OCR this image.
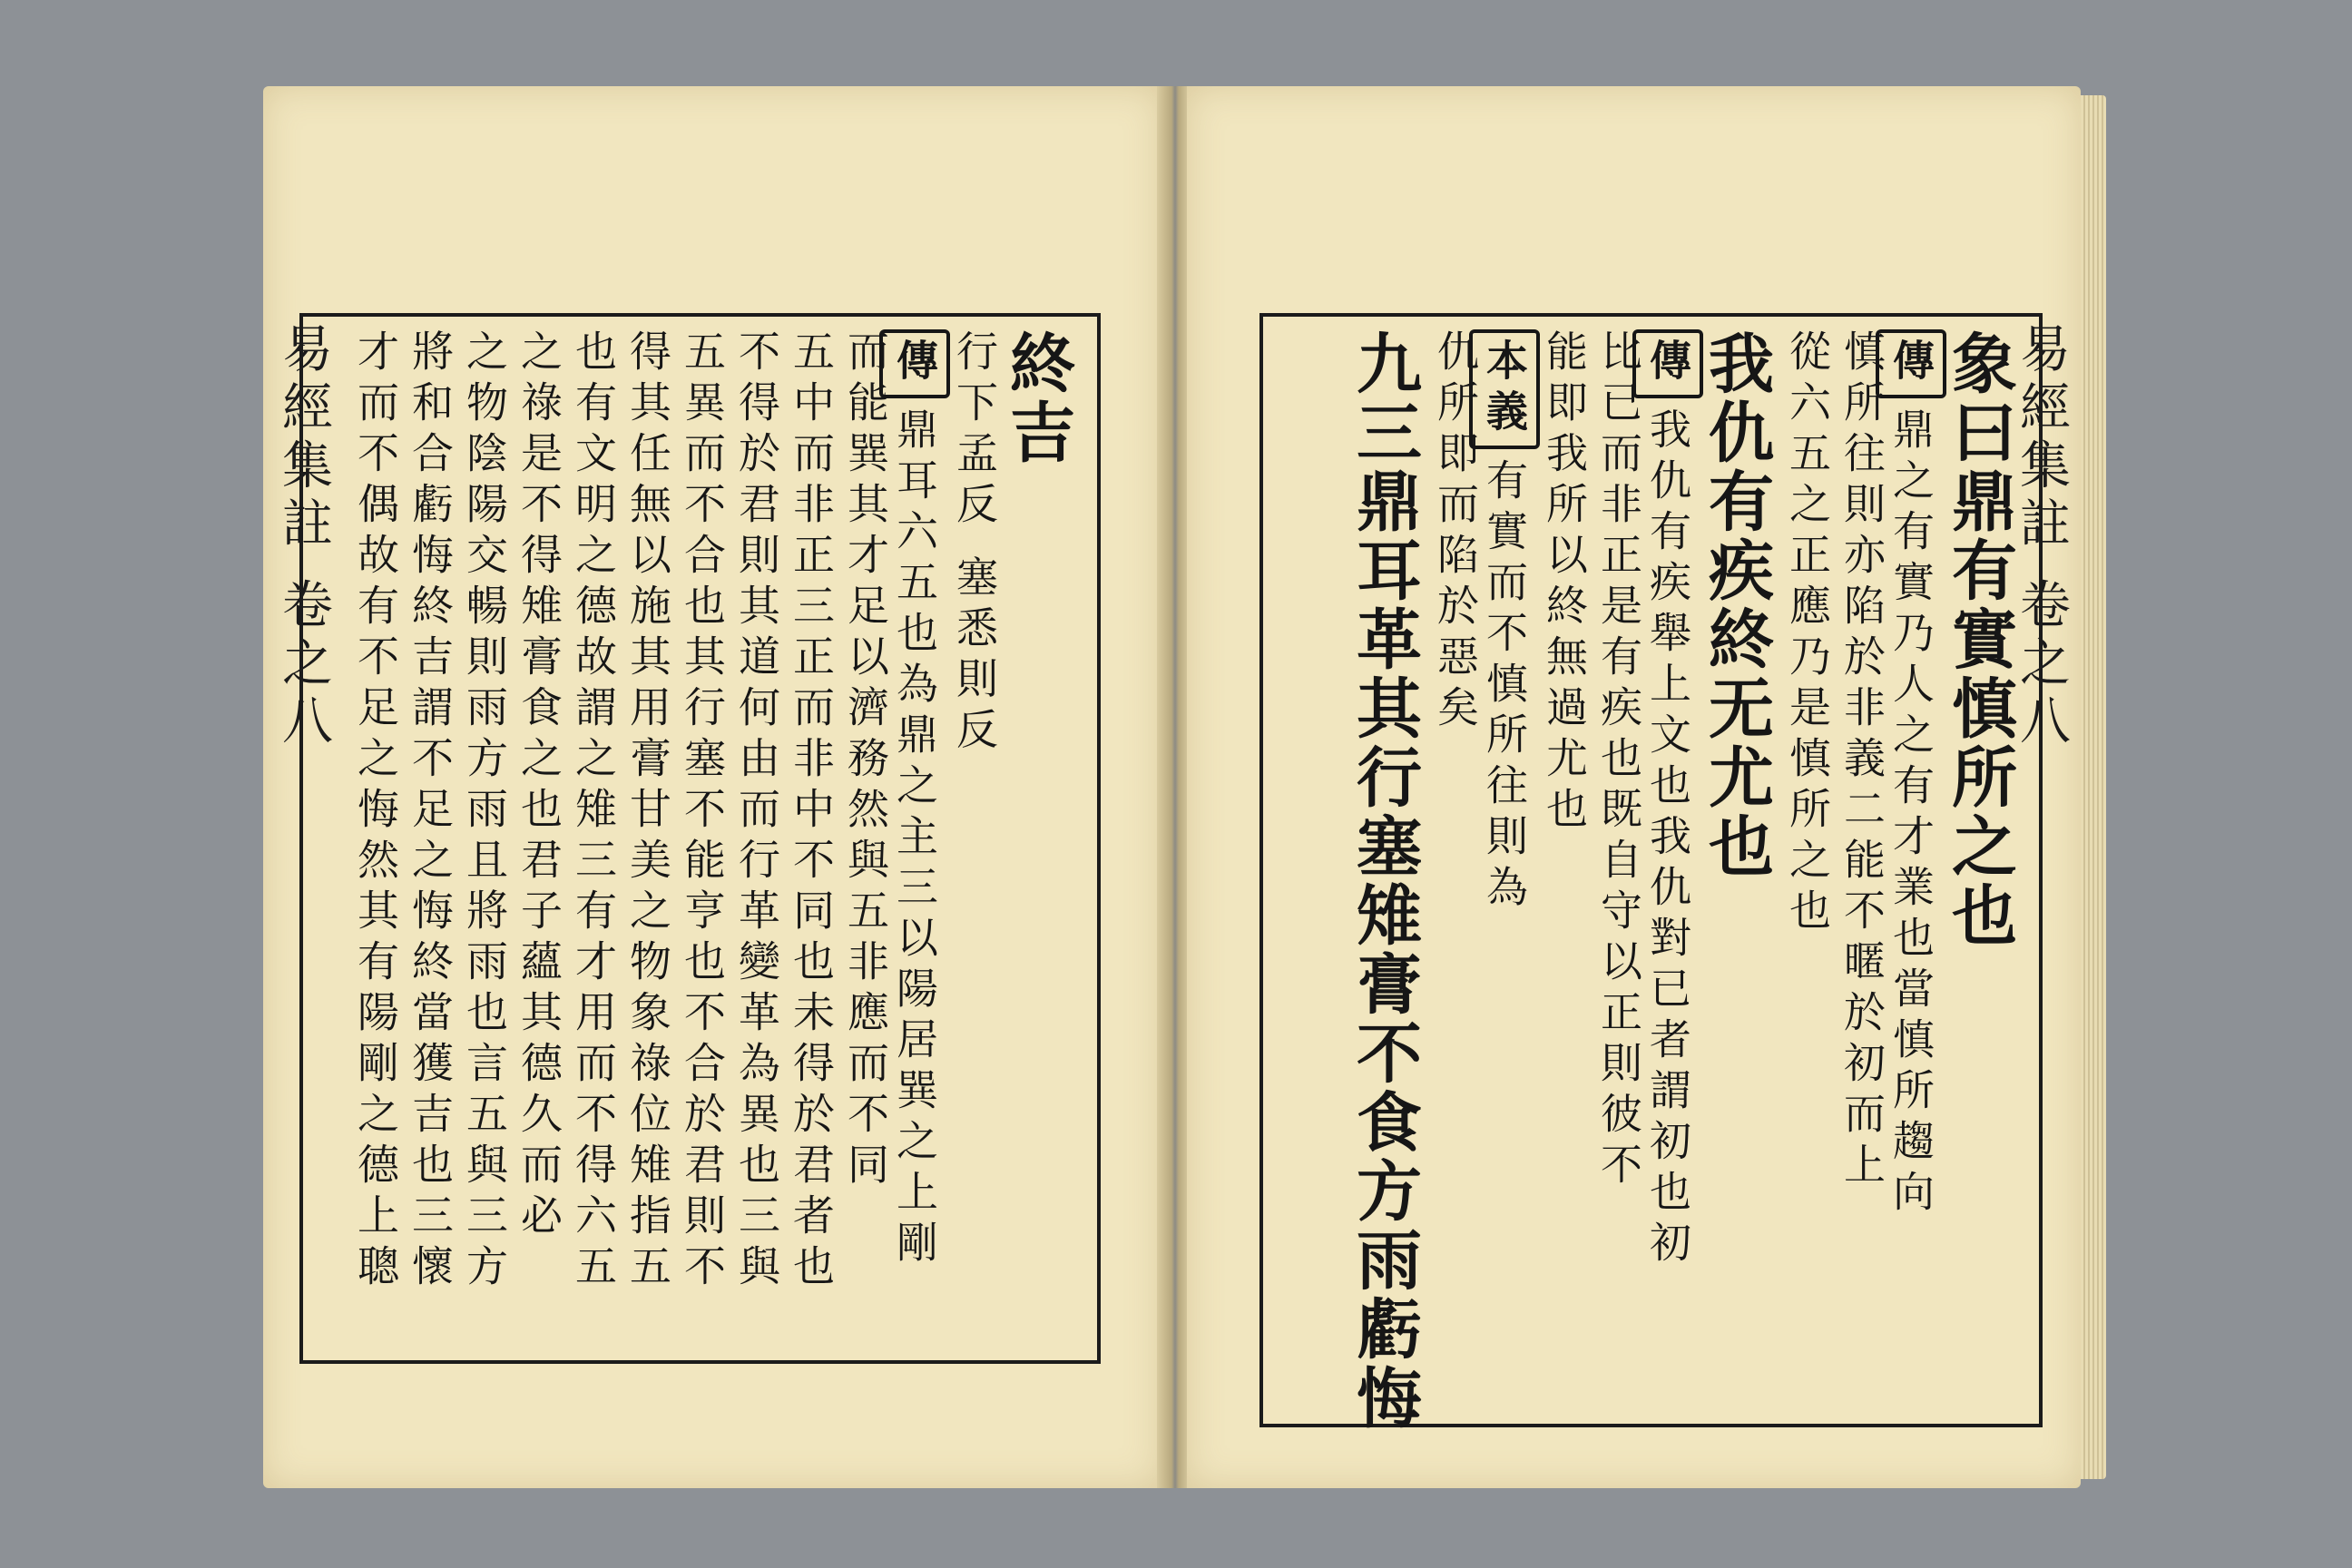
易經集註 卷之八	終吉
行下孟反 塞悉則反
傳鼎耳六五也為鼎之主三以陽居巽之上剛
而能巽其才足以濟務然與五非應而不同
五中而非正三正而非中不同也未得於君者也
不得於君則其道何由而行革變革為異也三與
五異而不合也其行塞不能亨也不合於君則不
得其任無以施其用膏甘美之物象祿位雉指五
也有文明之德故謂之雉三有才用而不得六五
之祿是不得雉膏食之也君子蘊其德久而必
之物陰陽交暢則雨方雨且將雨也言五與三方
將和合虧悔終吉謂不足之悔終當獲吉也三懷
才而不偶故有不足之悔然其有陽剛之德上聰	易經集註 卷之八
象曰鼎有實慎所之也
傳鼎之有實乃人之有才業也當慎所趨向
慎所往則亦陷於非義二能不暱於初而上
從六五之正應乃是慎所之也
我仇有疾終无尤也
傳我仇有疾舉上文也我仇對已者謂初也初
比已而非正是有疾也既自守以正則彼不
能即我所以終無過尤也
本義有實而不慎所往則為
仇所即而陷於惡矣
九三鼎耳革其行塞雉膏不食方雨虧悔
